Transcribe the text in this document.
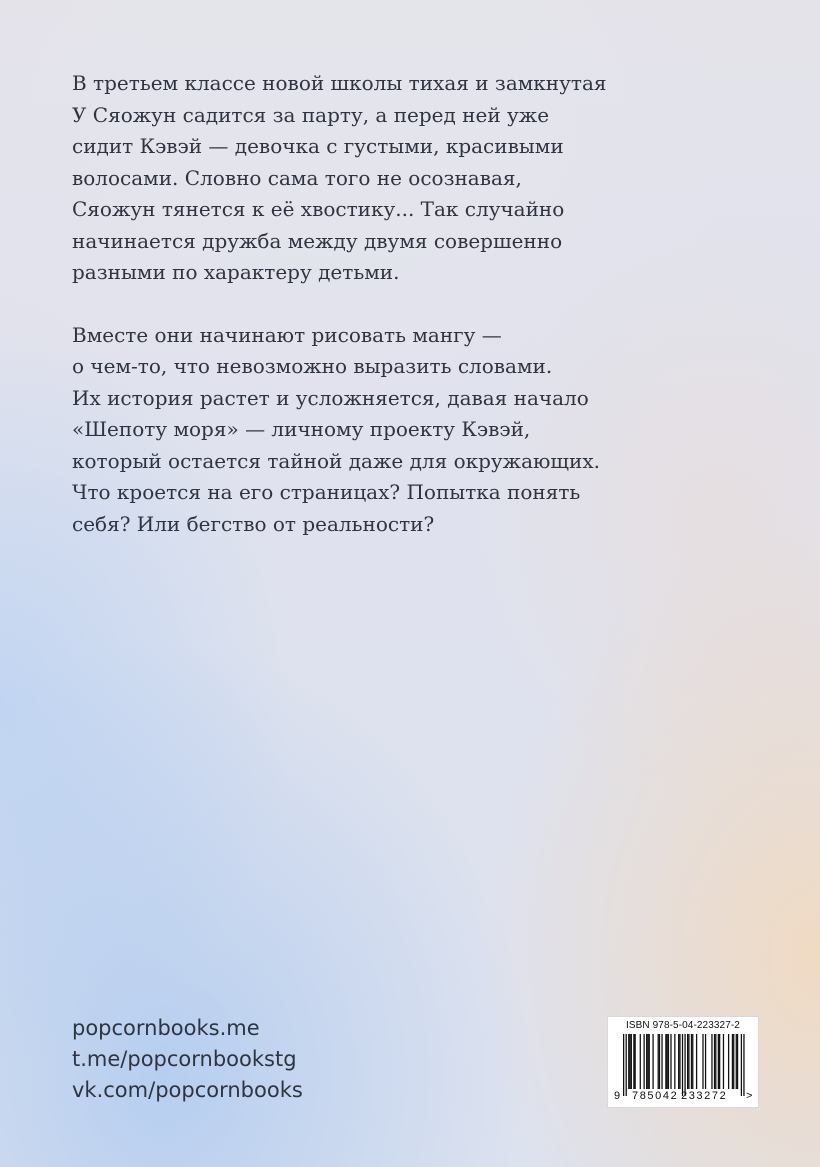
В третьем классе новой школы тихая и замкнутая
У Сяожун садится за парту, а перед ней уже
сидит Кэвэй — девочка с густыми, красивыми
волосами. Словно сама того не осознавая,
Сяожун тянется к её хвостику... Так случайно
начинается дружба между двумя совершенно
разными по характеру детьми.

Вместе они начинают рисовать мангу —
о чем-то, что невозможно выразить словами.
Их история растет и усложняется, давая начало
«Шепоту моря» — личному проекту Кэвэй,
который остается тайной даже для окружающих.
Что кроется на его страницах? Попытка понять
себя? Или бегство от реальности?

popcornbooks.me
t.me/popcornbookstg
vk.com/popcornbooks
ISBN 978-5-04-223327-2
9 785042 233272 >
